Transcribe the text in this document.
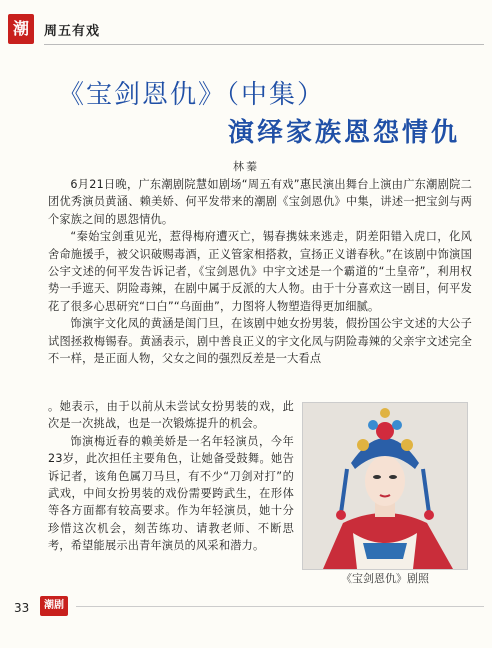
潮	周五有戏
《宝剑恩仇》（中集）
演绎家族恩怨情仇
林蓁

6月21日晚，广东潮剧院慧如剧场“周五有戏”惠民演出舞台上演由广东潮剧院二团优秀演员黄涵、赖美娇、何平发带来的潮剧《宝剑恩仇》中集，讲述一把宝剑与两个家族之间的恩怨情仇。

“秦始宝剑重见光，惹得梅府遭灭亡，锡春携妹来逃走，阴差阳错入虎口，化风舍命施援手，被父识破赐毒酒，正义管家相搭救，宣扬正义谱春秋。”在该剧中饰演国公宇文述的何平发告诉记者，《宝剑恩仇》中宇文述是一个霸道的“土皇帝”，利用权势一手遮天、阴险毒辣，在剧中属于反派的大人物。由于十分喜欢这一剧目，何平发花了很多心思研究“口白”“乌面曲”，力图将人物塑造得更加细腻。

饰演宇文化凤的黄涵是闺门旦，在该剧中她女扮男装，假扮国公宇文述的大公子试图拯救梅锡春。黄涵表示，剧中善良正义的宇文化凤与阴险毒辣的父亲宇文述完全不一样，是正面人物，父女之间的强烈反差是一大看点

。她表示，由于以前从未尝试女扮男装的戏，此次是一次挑战，也是一次锻炼提升的机会。

饰演梅近春的赖美娇是一名年轻演员，今年23岁，此次担任主要角色，让她备受鼓舞。她告诉记者，该角色属刀马旦，有不少“刀剑对打”的武戏，中间女扮男装的戏份需要跨武生，在形体等各方面都有较高要求。作为年轻演员，她十分珍惜这次机会，刻苦练功、请教老师、不断思考，希望能展示出青年演员的风采和潜力。

《宝剑恩仇》剧照
33	潮剧
